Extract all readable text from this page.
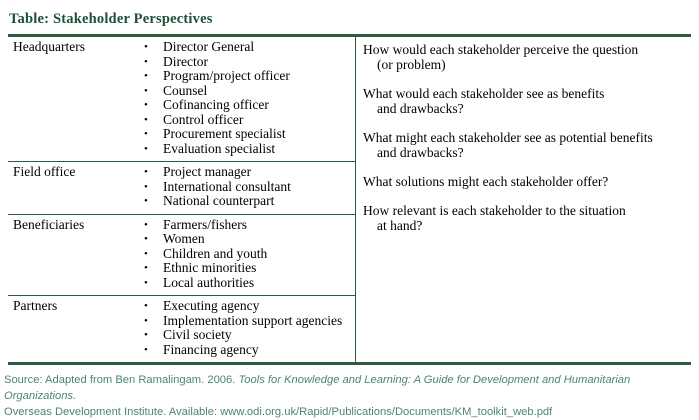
Table: Stakeholder Perspectives
Headquarters	•	Director General
•	Director
•	Program/project officer
•	Counsel
•	Cofinancing officer
•	Control officer
•	Procurement specialist
•	Evaluation specialist
Field office	•	Project manager
•	International consultant
•	National counterpart
Beneficiaries	•	Farmers/fishers
•	Women
•	Children and youth
•	Ethnic minorities
•	Local authorities
Partners	•	Executing agency
•	Implementation support agencies
•	Civil society
•	Financing agency
How would each stakeholder perceive the question
(or problem)
What would each stakeholder see as benefits
and drawbacks?
What might each stakeholder see as potential benefits
and drawbacks?
What solutions might each stakeholder offer?
How relevant is each stakeholder to the situation
at hand?
Source: Adapted from Ben Ramalingam. 2006. Tools for Knowledge and Learning: A Guide for Development and Humanitarian Organizations.
Overseas Development Institute. Available: www.odi.org.uk/Rapid/Publications/Documents/KM_toolkit_web.pdf
